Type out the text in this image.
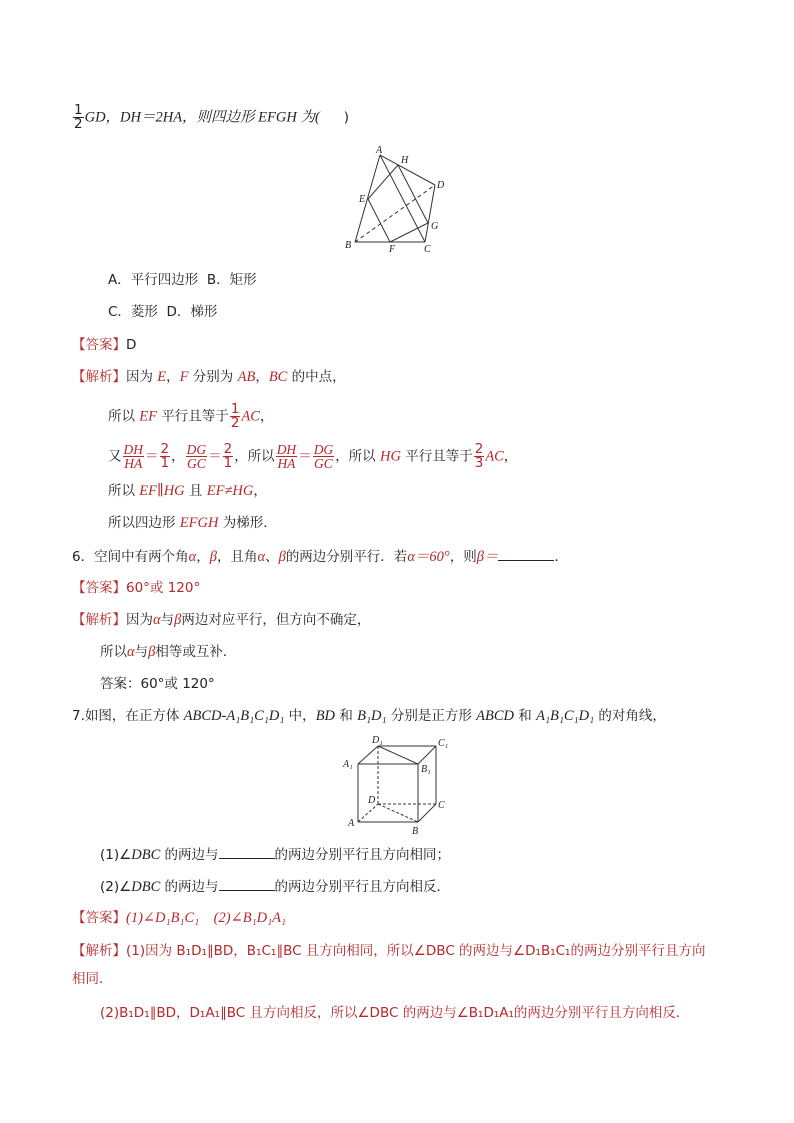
$\frac{1}{2}$ GD，DH＝2HA，则四边形 EFGH 为( )
A
H
D
E
G
B	F	C
A．平行四边形 B．矩形
C．菱形 D．梯形
【答案】D
【解析】因为 E，F 分别为 AB，BC 的中点，
所以 EF 平行且等于 $\frac{1}{2}$ AC，
又 $\frac{DH}{HA} = \frac{2}{1}$ ， $\frac{DG}{GC} = \frac{2}{1}$ ，所以 $\frac{DH}{HA} = \frac{DG}{GC}$ ，所以 HG 平行且等于 $\frac{2}{3}$ AC，
所以 EF∥HG 且 EF≠HG，
所以四边形 EFGH 为梯形．
6．空间中有两个角α，β，且角α、β的两边分别平行．若α＝60°，则β＝	．
【答案】60°或 120°
【解析】因为α与β两边对应平行，但方向不确定，
所以α与β相等或互补．
答案：60°或 120°
7.如图，在正方体 ABCD-A₁B₁C₁D₁ 中，BD 和 B₁D₁ 分别是正方形 ABCD 和 A₁B₁C₁D₁ 的对角线，
D₁	C₁
A₁	B₁
D	C
A
B
(1)∠DBC 的两边与	的两边分别平行且方向相同；
(2)∠DBC 的两边与	的两边分别平行且方向相反．
【答案】(1)∠D₁B₁C₁　(2)∠B₁D₁A₁
【解析】(1)因为 B₁D₁∥BD，B₁C₁∥BC 且方向相同，所以∠DBC 的两边与∠D₁B₁C₁的两边分别平行且方向
相同．
(2)B₁D₁∥BD，D₁A₁∥BC 且方向相反，所以∠DBC 的两边与∠B₁D₁A₁的两边分别平行且方向相反．
